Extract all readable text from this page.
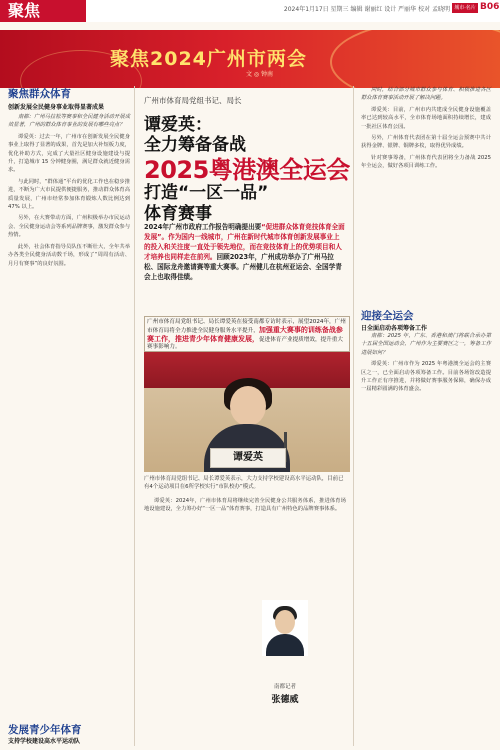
聚焦	2024年1月17日 星期三 编辑 谢丽红 设计 严丽华 校对 孟晓明 城市·名片 B06
聚焦2024广州市两会
文 ◎ 钟南
聚焦群众体育
创新发展全民健身事业取得显著成果

南都：广州马拉松等赛事和全民健身活动开展成效显著，广州的群众体育事业的发展有哪些亮点？

谭爱英：过去一年，广州市在创新发展全民健身事业上取得了显著的成果，首先是加大补短板力度，优化补助方式，完成了大量社区健身设施建设与提升，打造城市 15 分钟健身圈，满足群众就近健身需求。

与此同时，“群体通”平台的优化工作也在稳步推进，不断为广大市民提供便捷服务，推动群众体育高质量发展，广州市经常参加体育锻炼人数比例达到 47% 以上。

另外，在大赛带动方面，广州积极举办市民运动会、全民健身运动会等系列品牌赛事，激发群众参与热情。

此外，社会体育指导员队伍不断壮大，全年共举办各类全民健身活动数千场，形成了“周周有活动、月月有赛事”的良好氛围。

发展青少年体育
支持学校建设高水平运动队
广州市体育局党组书记、局长
谭爱英：
全力筹备备战
2025粤港澳全运会
打造“一区一品”
体育赛事
2024年广州市政府工作报告明确提出要“促进群众体育竞技体育全面发展”。作为国内一线城市，广州在新时代城市体育创新发展事业上的投入和关注度一直处于领先地位，而在竞技体育上的优势项目和人才培养也同样走在前列。回顾2023年，广州成功举办了广州马拉松、国际龙舟邀请赛等重大赛事。广州健儿在杭州亚运会、全国学青会上也取得佳绩。
广州市体育局党组书记、局长谭爱英在接受南都专访时表示，展望2024年，广州市体育局将全力推进全民健身服务水平提升，加强重大赛事的训练备战参赛工作，推进青少年体育健康发展，促进体育产业提质增效，提升重大赛事影响力。
谭爱英
广州市体育局党组书记、局长谭爱英表示，大力支持学校建设高水平运动队，目前已有4个运动项目在6所学校实行“市队校办”模式。

谭爱英：2024年，广州市体育局将继续完善全民健身公共服务体系，推进体育场地设施建设，全力筹办好“一区一品”体育赛事，打造具有广州特色的品牌赛事体系。

南都记者
张德威

同时，结合部分城市群众参与体育、积极推进各区群众体育赛事活动开展了解决问题。

谭爱英：目前，广州市内共建成全民健身设施覆盖率已达到较高水平，全市体育场地面积持续增长，建成一批社区体育公园。

另外，广州体育代表团在第十届全运会预赛中共计获得金牌、银牌、铜牌多枚，取得优异成绩。

针对赛事筹备，广州体育代表团将全力备战 2025 年全运会，做好各项目训练工作。

迎接全运会
日全面启动各项筹备工作

南都：2025 年，广东、香港和澳门将联合承办第十五届全国运动会，广州作为主要赛区之一，筹备工作进展如何？

谭爱英：广州市作为 2025 年粤港澳全运会的主赛区之一，已全面启动各项筹备工作。目前各场馆改造提升工作正有序推进，并将做好赛事服务保障，确保办成一届精彩圆满的体育盛会。
